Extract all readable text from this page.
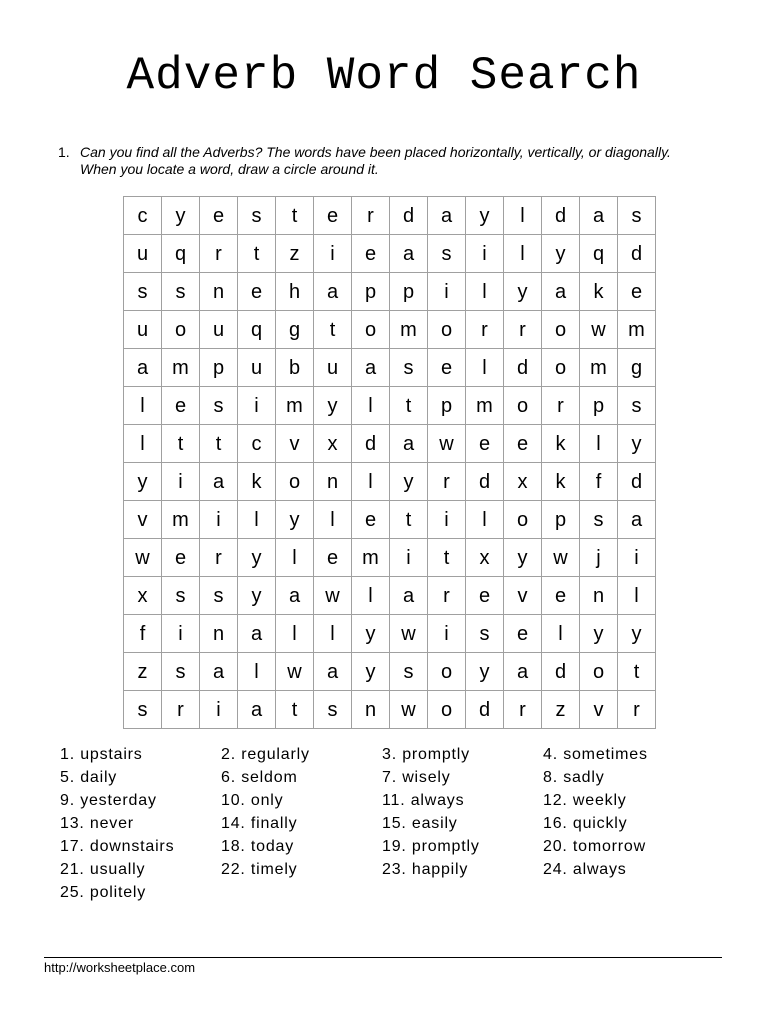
Adverb Word Search
1. Can you find all the Adverbs? The words have been placed horizontally, vertically, or diagonally. When you locate a word, draw a circle around it.
c	y	e	s	t	e	r	d	a	y	l	d	a	s
u	q	r	t	z	i	e	a	s	i	l	y	q	d
s	s	n	e	h	a	p	p	i	l	y	a	k	e
u	o	u	q	g	t	o	m	o	r	r	o	w	m
a	m	p	u	b	u	a	s	e	l	d	o	m	g
l	e	s	i	m	y	l	t	p	m	o	r	p	s
l	t	t	c	v	x	d	a	w	e	e	k	l	y
y	i	a	k	o	n	l	y	r	d	x	k	f	d
v	m	i	l	y	l	e	t	i	l	o	p	s	a
w	e	r	y	l	e	m	i	t	x	y	w	j	i
x	s	s	y	a	w	l	a	r	e	v	e	n	l
f	i	n	a	l	l	y	w	i	s	e	l	y	y
z	s	a	l	w	a	y	s	o	y	a	d	o	t
s	r	i	a	t	s	n	w	o	d	r	z	v	r
1. upstairs	2. regularly	3. promptly	4. sometimes
5. daily	6. seldom	7. wisely	8. sadly
9. yesterday	10. only	11. always	12. weekly
13. never	14. finally	15. easily	16. quickly
17. downstairs	18. today	19. promptly	20. tomorrow
21. usually	22. timely	23. happily	24. always
25. politely
http://worksheetplace.com
